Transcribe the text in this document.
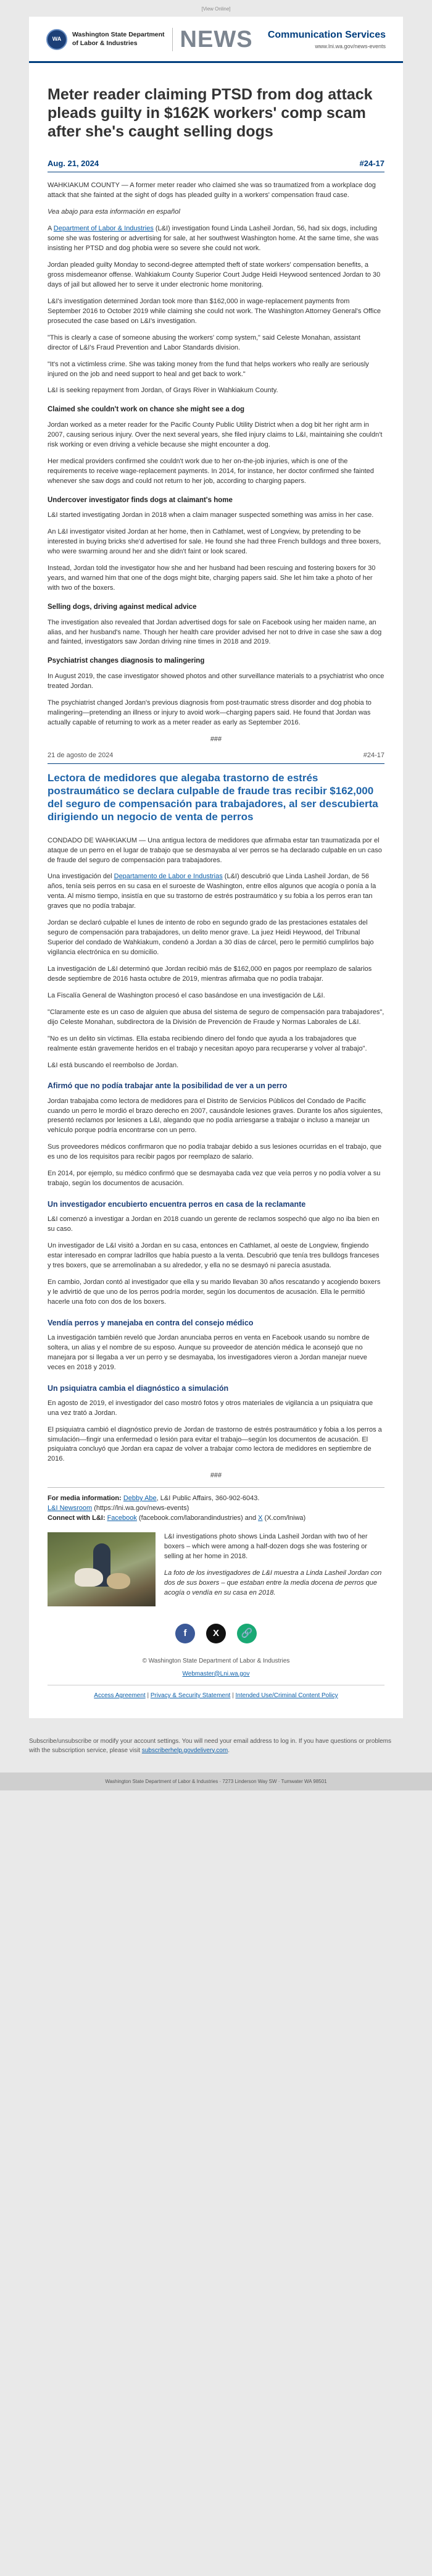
[View Online]
WA
Washington State Department
of Labor & Industries	NEWS Communication Services
www.lni.wa.gov/news-events
Meter reader claiming PTSD from dog attack pleads guilty in $162K workers' comp scam after she's caught selling dogs
Aug. 21, 2024	#24-17

WAHKIAKUM COUNTY — A former meter reader who claimed she was so traumatized from a workplace dog attack that she fainted at the sight of dogs has pleaded guilty in a workers' compensation fraud case.

Vea abajo para esta información en español

A Department of Labor & Industries (L&I) investigation found Linda Lasheil Jordan, 56, had six dogs, including some she was fostering or advertising for sale, at her southwest Washington home. At the same time, she was insisting her PTSD and dog phobia were so severe she could not work.

Jordan pleaded guilty Monday to second-degree attempted theft of state workers' compensation benefits, a gross misdemeanor offense. Wahkiakum County Superior Court Judge Heidi Heywood sentenced Jordan to 30 days of jail but allowed her to serve it under electronic home monitoring.

L&I's investigation determined Jordan took more than $162,000 in wage-replacement payments from September 2016 to October 2019 while claiming she could not work. The Washington Attorney General's Office prosecuted the case based on L&I's investigation.

"This is clearly a case of someone abusing the workers' comp system," said Celeste Monahan, assistant director of L&I's Fraud Prevention and Labor Standards division.

"It's not a victimless crime. She was taking money from the fund that helps workers who really are seriously injured on the job and need support to heal and get back to work."

L&I is seeking repayment from Jordan, of Grays River in Wahkiakum County.

Claimed she couldn't work on chance she might see a dog

Jordan worked as a meter reader for the Pacific County Public Utility District when a dog bit her right arm in 2007, causing serious injury. Over the next several years, she filed injury claims to L&I, maintaining she couldn't risk working or even driving a vehicle because she might encounter a dog.

Her medical providers confirmed she couldn't work due to her on-the-job injuries, which is one of the requirements to receive wage-replacement payments. In 2014, for instance, her doctor confirmed she fainted whenever she saw dogs and could not return to her job, according to charging papers.

Undercover investigator finds dogs at claimant's home

L&I started investigating Jordan in 2018 when a claim manager suspected something was amiss in her case.

An L&I investigator visited Jordan at her home, then in Cathlamet, west of Longview, by pretending to be interested in buying bricks she'd advertised for sale. He found she had three French bulldogs and three boxers, who were swarming around her and she didn't faint or look scared.

Instead, Jordan told the investigator how she and her husband had been rescuing and fostering boxers for 30 years, and warned him that one of the dogs might bite, charging papers said. She let him take a photo of her with two of the boxers.

Selling dogs, driving against medical advice

The investigation also revealed that Jordan advertised dogs for sale on Facebook using her maiden name, an alias, and her husband's name. Though her health care provider advised her not to drive in case she saw a dog and fainted, investigators saw Jordan driving nine times in 2018 and 2019.

Psychiatrist changes diagnosis to malingering

In August 2019, the case investigator showed photos and other surveillance materials to a psychiatrist who once treated Jordan.

The psychiatrist changed Jordan's previous diagnosis from post-traumatic stress disorder and dog phobia to malingering—pretending an illness or injury to avoid work—charging papers said. He found that Jordan was actually capable of returning to work as a meter reader as early as September 2016.

###
21 de agosto de 2024	#24-17
Lectora de medidores que alegaba trastorno de estrés postraumático se declara culpable de fraude tras recibir $162,000 del seguro de compensación para trabajadores, al ser descubierta dirigiendo un negocio de venta de perros

CONDADO DE WAHKIAKUM — Una antigua lectora de medidores que afirmaba estar tan traumatizada por el ataque de un perro en el lugar de trabajo que se desmayaba al ver perros se ha declarado culpable en un caso de fraude del seguro de compensación para trabajadores.

Una investigación del Departamento de Labor e Industrias (L&I) descubrió que Linda Lasheil Jordan, de 56 años, tenía seis perros en su casa en el suroeste de Washington, entre ellos algunos que acogía o ponía a la venta. Al mismo tiempo, insistía en que su trastorno de estrés postraumático y su fobia a los perros eran tan graves que no podía trabajar.

Jordan se declaró culpable el lunes de intento de robo en segundo grado de las prestaciones estatales del seguro de compensación para trabajadores, un delito menor grave. La juez Heidi Heywood, del Tribunal Superior del condado de Wahkiakum, condenó a Jordan a 30 días de cárcel, pero le permitió cumplirlos bajo vigilancia electrónica en su domicilio.

La investigación de L&I determinó que Jordan recibió más de $162,000 en pagos por reemplazo de salarios desde septiembre de 2016 hasta octubre de 2019, mientras afirmaba que no podía trabajar.

La Fiscalía General de Washington procesó el caso basándose en una investigación de L&I.

"Claramente este es un caso de alguien que abusa del sistema de seguro de compensación para trabajadores", dijo Celeste Monahan, subdirectora de la División de Prevención de Fraude y Normas Laborales de L&I.

"No es un delito sin víctimas. Ella estaba recibiendo dinero del fondo que ayuda a los trabajadores que realmente están gravemente heridos en el trabajo y necesitan apoyo para recuperarse y volver al trabajo".

L&I está buscando el reembolso de Jordan.

Afirmó que no podía trabajar ante la posibilidad de ver a un perro

Jordan trabajaba como lectora de medidores para el Distrito de Servicios Públicos del Condado de Pacific cuando un perro le mordió el brazo derecho en 2007, causándole lesiones graves. Durante los años siguientes, presentó reclamos por lesiones a L&I, alegando que no podía arriesgarse a trabajar o incluso a manejar un vehículo porque podría encontrarse con un perro.

Sus proveedores médicos confirmaron que no podía trabajar debido a sus lesiones ocurridas en el trabajo, que es uno de los requisitos para recibir pagos por reemplazo de salario.

En 2014, por ejemplo, su médico confirmó que se desmayaba cada vez que veía perros y no podía volver a su trabajo, según los documentos de acusación.

Un investigador encubierto encuentra perros en casa de la reclamante

L&I comenzó a investigar a Jordan en 2018 cuando un gerente de reclamos sospechó que algo no iba bien en su caso.

Un investigador de L&I visitó a Jordan en su casa, entonces en Cathlamet, al oeste de Longview, fingiendo estar interesado en comprar ladrillos que había puesto a la venta. Descubrió que tenía tres bulldogs franceses y tres boxers, que se arremolinaban a su alrededor, y ella no se desmayó ni parecía asustada.

En cambio, Jordan contó al investigador que ella y su marido llevaban 30 años rescatando y acogiendo boxers y le advirtió de que uno de los perros podría morder, según los documentos de acusación. Ella le permitió hacerle una foto con dos de los boxers.

Vendía perros y manejaba en contra del consejo médico

La investigación también reveló que Jordan anunciaba perros en venta en Facebook usando su nombre de soltera, un alias y el nombre de su esposo. Aunque su proveedor de atención médica le aconsejó que no manejara por si llegaba a ver un perro y se desmayaba, los investigadores vieron a Jordan manejar nueve veces en 2018 y 2019.

Un psiquiatra cambia el diagnóstico a simulación

En agosto de 2019, el investigador del caso mostró fotos y otros materiales de vigilancia a un psiquiatra que una vez trató a Jordan.

El psiquiatra cambió el diagnóstico previo de Jordan de trastorno de estrés postraumático y fobia a los perros a simulación—fingir una enfermedad o lesión para evitar el trabajo—según los documentos de acusación. El psiquiatra concluyó que Jordan era capaz de volver a trabajar como lectora de medidores en septiembre de 2016.

###
For media information: Debby Abe, L&I Public Affairs, 360-902-6043.
L&I Newsroom (https://lni.wa.gov/news-events)
Connect with L&I: Facebook (facebook.com/laborandindustries) and X (X.com/lniwa)

L&I investigations photo shows Linda Lasheil Jordan with two of her boxers – which were among a half-dozen dogs she was fostering or selling at her home in 2018.

La foto de los investigadores de L&I muestra a Linda Lasheil Jordan con dos de sus boxers – que estaban entre la media docena de perros que acogía o vendía en su casa en 2018.

f	X	🔗
© Washington State Department of Labor & Industries
Webmaster@Lni.wa.gov
Access Agreement | Privacy & Security Statement | Intended Use/Criminal Content Policy
Subscribe/unsubscribe or modify your account settings. You will need your email address to log in. If you have questions or problems with the subscription service, please visit subscriberhelp.govdelivery.com.
Washington State Department of Labor & Industries · 7273 Linderson Way SW · Tumwater WA 98501
